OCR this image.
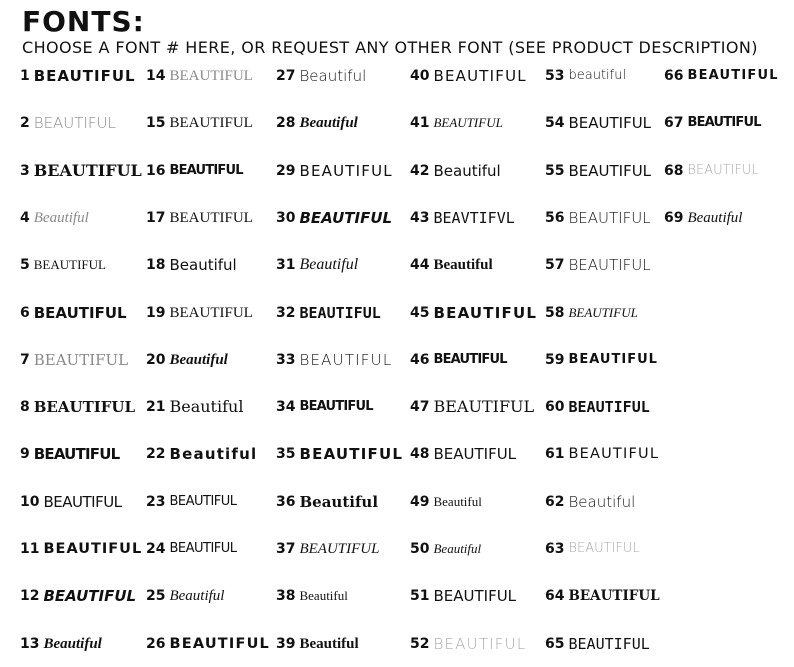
FONTS:

CHOOSE A FONT # HERE, OR REQUEST ANY OTHER FONT (SEE PRODUCT DESCRIPTION)

1 BEAUTIFUL
2 BEAUTIFUL
3 BEAUTIFUL
4 Beautiful
5 BEAUTIFUL
6 BEAUTIFUL
7 BEAUTIFUL
8 BEAUTIFUL
9 BEAUTIFUL
10 BEAUTIFUL
11 BEAUTIFUL
12 BEAUTIFUL
13 Beautiful
14 BEAUTIFUL
15 BEAUTIFUL
16 BEAUTIFUL
17 BEAUTIFUL
18 Beautiful
19 BEAUTIFUL
20 Beautiful
21 Beautiful
22 Beautiful
23 BEAUTIFUL
24 BEAUTIFUL
25 Beautiful
26 BEAUTIFUL
27 Beautiful
28 Beautiful
29 BEAUTIFUL
30 BEAUTIFUL
31 Beautiful
32 BEAUTIFUL
33 BEAUTIFUL
34 BEAUTIFUL
35 BEAUTIFUL
36 Beautiful
37 BEAUTIFUL
38 Beautiful
39 Beautiful
40 BEAUTIFUL
41 BEAUTIFUL
42 Beautiful
43 BEAVTIFVL
44 Beautiful
45 BEAUTIFUL
46 BEAUTIFUL
47 BEAUTIFUL
48 BEAUTIFUL
49 Beautiful
50 Beautiful
51 BEAUTIFUL
52 BEAUTIFUL
53 beautiful
54 BEAUTIFUL
55 BEAUTIFUL
56 BEAUTIFUL
57 BEAUTIFUL
58 BEAUTIFUL
59 BEAUTIFUL
60 BEAUTIFUL
61 BEAUTIFUL
62 Beautiful
63 BEAUTIFUL
64 BEAUTIFUL
65 BEAUTIFUL
66 BEAUTIFUL
67 BEAUTIFUL
68 BEAUTIFUL
69 Beautiful
